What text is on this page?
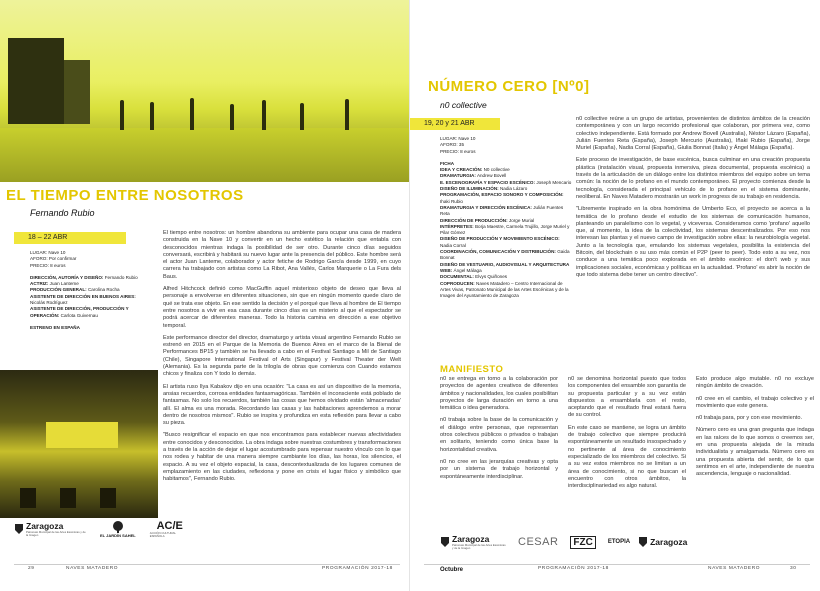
EL TIEMPO ENTRE NOSOTROS
Fernando Rubio
18 – 22 ABR
LUGAR: Nave 10
AFORO: Por confirmar
PRECIO: 8 euros
DIRECCIÓN, AUTORÍA Y DISEÑO: Fernando Rubio
ACTRIZ: Juan Lanteme
PRODUCCIÓN GENERAL: Carolina Rocha
ASISTENTE DE DIRECCIÓN EN BUENOS AIRES: Nicolás Rodríguez
ASISTENTE DE DIRECCIÓN, PRODUCCIÓN Y OPERACIÓN: Carlota Guivernau
ESTRENO EN ESPAÑA

El tiempo entre nosotros: un hombre abandona su ambiente para ocupar una casa de madera construida en la Nave 10 y convertir en un hecho estético la relación que entabla con desconocidos mientras indaga la posibilidad de ser otro. Durante cinco días seguidos conversará, escribirá y habitará su nuevo lugar ante la presencia del público. Este hombre será el actor Juan Lanteme, colaborador y actor fetiche de Rodrigo García desde 1999, en cuyo carrera ha trabajado con artistas como La Ribot, Ana Vallés, Carlos Marquerie o La Fura dels Baus.

Alfred Hitchcock definió como MacGuffin aquel misterioso objeto de deseo que lleva al personaje a envolverse en diferentes situaciones, sin que en ningún momento quede claro de qué se trata ese objeto. En ese sentido la decisión y el porqué que lleva al hombre de El tiempo entre nosotros a vivir en esa casa durante cinco días es un misterio al que el espectador se podrá acercar de diferentes maneras. Todo la historia camina en dirección a ese objetivo temporal.

Este performance director del director, dramaturgo y artista visual argentino Fernando Rubio se estrenó en 2015 en el Parque de la Memoria de Buenos Aires en el marco de la Bienal de Performances BP15 y también se ha llevado a cabo en el Festival Santiago a Mil de Santiago (Chile), Singapore International Festival of Arts (Singapur) y Festival Theater der Welt (Alemania). Es la segunda parte de la trilogía de obras que comienza con Cuando estamos chicos y finaliza con Y todo lo demás.

El artista ruso Ilya Kabakov dijo en una ocasión: "La casa es así un dispositivo de la memoria, ansias recuerdos, corrosa entidades fantasmagóricas. También el inconsciente está poblado de fantasmas. No solo los recuerdos, también las cosas que hemos olvidado están 'almacenadas' allí. El alma es una morada. Recordando las casas y las habitaciones aprendemos a morar dentro de nosotros mismos". Rubio se inspira y profundiza en esta reflexión para llevar a cabo su pieza.

"Busco resignificar el espacio en que nos encontramos para establecer nuevas afectividades entre conocidos y desconocidos. La obra indaga sobre nuestras costumbres y transformaciones a través de la acción de dejar el lugar acostumbrado para repensar nuestro vínculo con lo que nos rodea y habitar de una manera siempre cambiante los días, las horas, los silencios, el espacio. A su vez el objeto espacial, la casa, descontextualizada de los lugares comunes de emplazamiento en las ciudades, reflexiona y pone en crisis el lugar físico y simbólico que habitamos", Fernando Rubio.

Zaragoza
Patronato Municipal de las Artes Escénicas y de la Imagen	EL JARDÍN SAHEL
AC/E
ACCIÓN CULTURAL ESPAÑOLA
29	NAVES MATADERO	PROGRAMACIÓN 2017-18
NÚMERO CERO [Nº0]
n0 collective
19, 20 y 21 ABR
LUGAR: Nave 10
AFORO: 35
PRECIO: 8 euros
FICHA
IDEA Y CREACIÓN: N0 collective
DRAMATURGIA: Andrew Bovell
E. ESCENOGRAFÍA Y ESPACIO ESCÉNICO: Joseph Mencario
DISEÑO DE ILUMINACIÓN: Nadia Lázaro
PROGRAMACIÓN, ESPACIO SONORO Y COMPOSICIÓN: Ihaki Rubio
DRAMATURGIA Y DIRECCIÓN ESCÉNICA: Julián Fuentes Reta
DIRECCIÓN DE PRODUCCIÓN: Jorge Murial
INTÉRPRETES: Borja Maestre, Carmela Trujillo, Jorge Muriel y Pilar Gómez
DISEÑO DE PRODUCCIÓN Y MOVIMIENTO ESCÉNICO: Nadia Corral
COORDINACIÓN, COMUNICACIÓN Y DISTRIBUCIÓN: Gaida Bonnat
DISEÑO DE VESTUARIO, AUDIOVISUAL Y ARQUITECTURA WEB: Ángel Málaga
DOCUMENTAL: Elvys Quiñones
COPRODUCEN: Naves Matadero – Centro Internacional de Artes Vivas, Patronato Municipal de las Artes Escénicas y de la Imagen del Ayuntamiento de Zaragoza

n0 collective reúne a un grupo de artistas, provenientes de distintos ámbitos de la creación contemporánea y con un largo recorrido profesional que colaboran, por primera vez, como colectivo independiente. Está formado por Andrew Bovell (Australia), Néstor Lázaro (España), Julián Fuentes Reta (España), Joseph Mercurio (Australia), Iñaki Rubio (España), Jorge Muriel (España), Nadia Corral (España), Giulia Bonnat (Italia) y Ángel Málaga (España).

Este proceso de investigación, de base escénica, busca culminar en una creación propuesta plástica (instalación visual, propuesta inmersiva, pieza documental, propuesta escénica) a través de la articulación de un diálogo entre los distintos miembros del equipo sobre un tema común: la noción de lo profano en el mundo contemporáneo. El proyecto comienza desde la tecnología, considerada el principal vehículo de lo profano en el sistema dominante, neoliberal. En Naves Matadero mostrarán un work in progress de su trabajo en residencia.

"Libremente inspirado en la obra homónima de Umberto Eco, el proyecto se acerca a la temática de lo profano desde el estudio de los sistemas de comunicación humanos, planteando un paralelismo con lo vegetal, y viceversa. Consideramos como 'profano' aquello que, al momento, la idea de la colectividad, los sistemas descentralizados. Por eso nos interesan las plantas y el nuevo campo de investigación sobre ellas: la neurobiología vegetal. Junto a la tecnología que, emulando los sistemas vegetales, posibilita la existencia del Bitcoin, del blockchain o su uso más común el P2P (peer to peer). Todo esto a su vez, nos conduce a una temática poco explorada en el ámbito escénico: el don't web y sus implicaciones sociales, económicas y políticas en la actualidad. 'Profano' es abrir la noción de que todo sistema debe tener un centro directivo".

MANIFIESTO

n0 se entrega en torno a la colaboración por proyectos de agentes creativos de diferentes ámbitos y nacionalidades, los cuales posibilitan proyectos de larga duración en torno a una temática o idea generadora.

n0 trabaja sobre la base de la comunicación y el diálogo entre personas, que representan otros colectivos públicos o privados o trabajan en solitario, teniendo como única base la horizontalidad creativa.

n0 no cree en las jerarquías creativas y opta por un sistema de trabajo horizontal y espontáneamente interdisciplinar.

n0 se denomina horizontal puesto que todos los componentes del ensamble son garantía de su propuesta particular y a su vez están dispuestos a ensamblarla con el resto, aceptando que el resultado final estará fuera de su control.

En este caso se mantiene, se logra un ámbito de trabajo colectivo que siempre producirá espontáneamente un resultado insospechado y no pertinente al área de conocimiento especializado de los miembros del colectivo. Si a su vez estos miembros no se limitan a un área de conocimiento, si no que buscan el encuentro con otros ámbitos, la interdisciplinariedad es algo natural.

Esto produce algo mutable. n0 no excluye ningún ámbito de creación.

n0 cree en el cambio, el trabajo colectivo y el movimiento que este genera.

n0 trabaja para, por y con ese movimiento.

Número cero es una gran pregunta que indaga en las raíces de lo que somos o creemos ser, en una propuesta alejada de la mirada individualista y amalgamada. Número cero es una propuesta abierta del sentir, de lo que sentimos en el arte, independiente de nuestra ascendencia, lenguaje o nacionalidad.

Zaragoza
Patronato Municipal de las Artes Escénicas y de la Imagen	CESAR	FZC	ETOPIA Zaragoza
Octubre	PROGRAMACIÓN 2017-18	NAVES MATADERO	30
